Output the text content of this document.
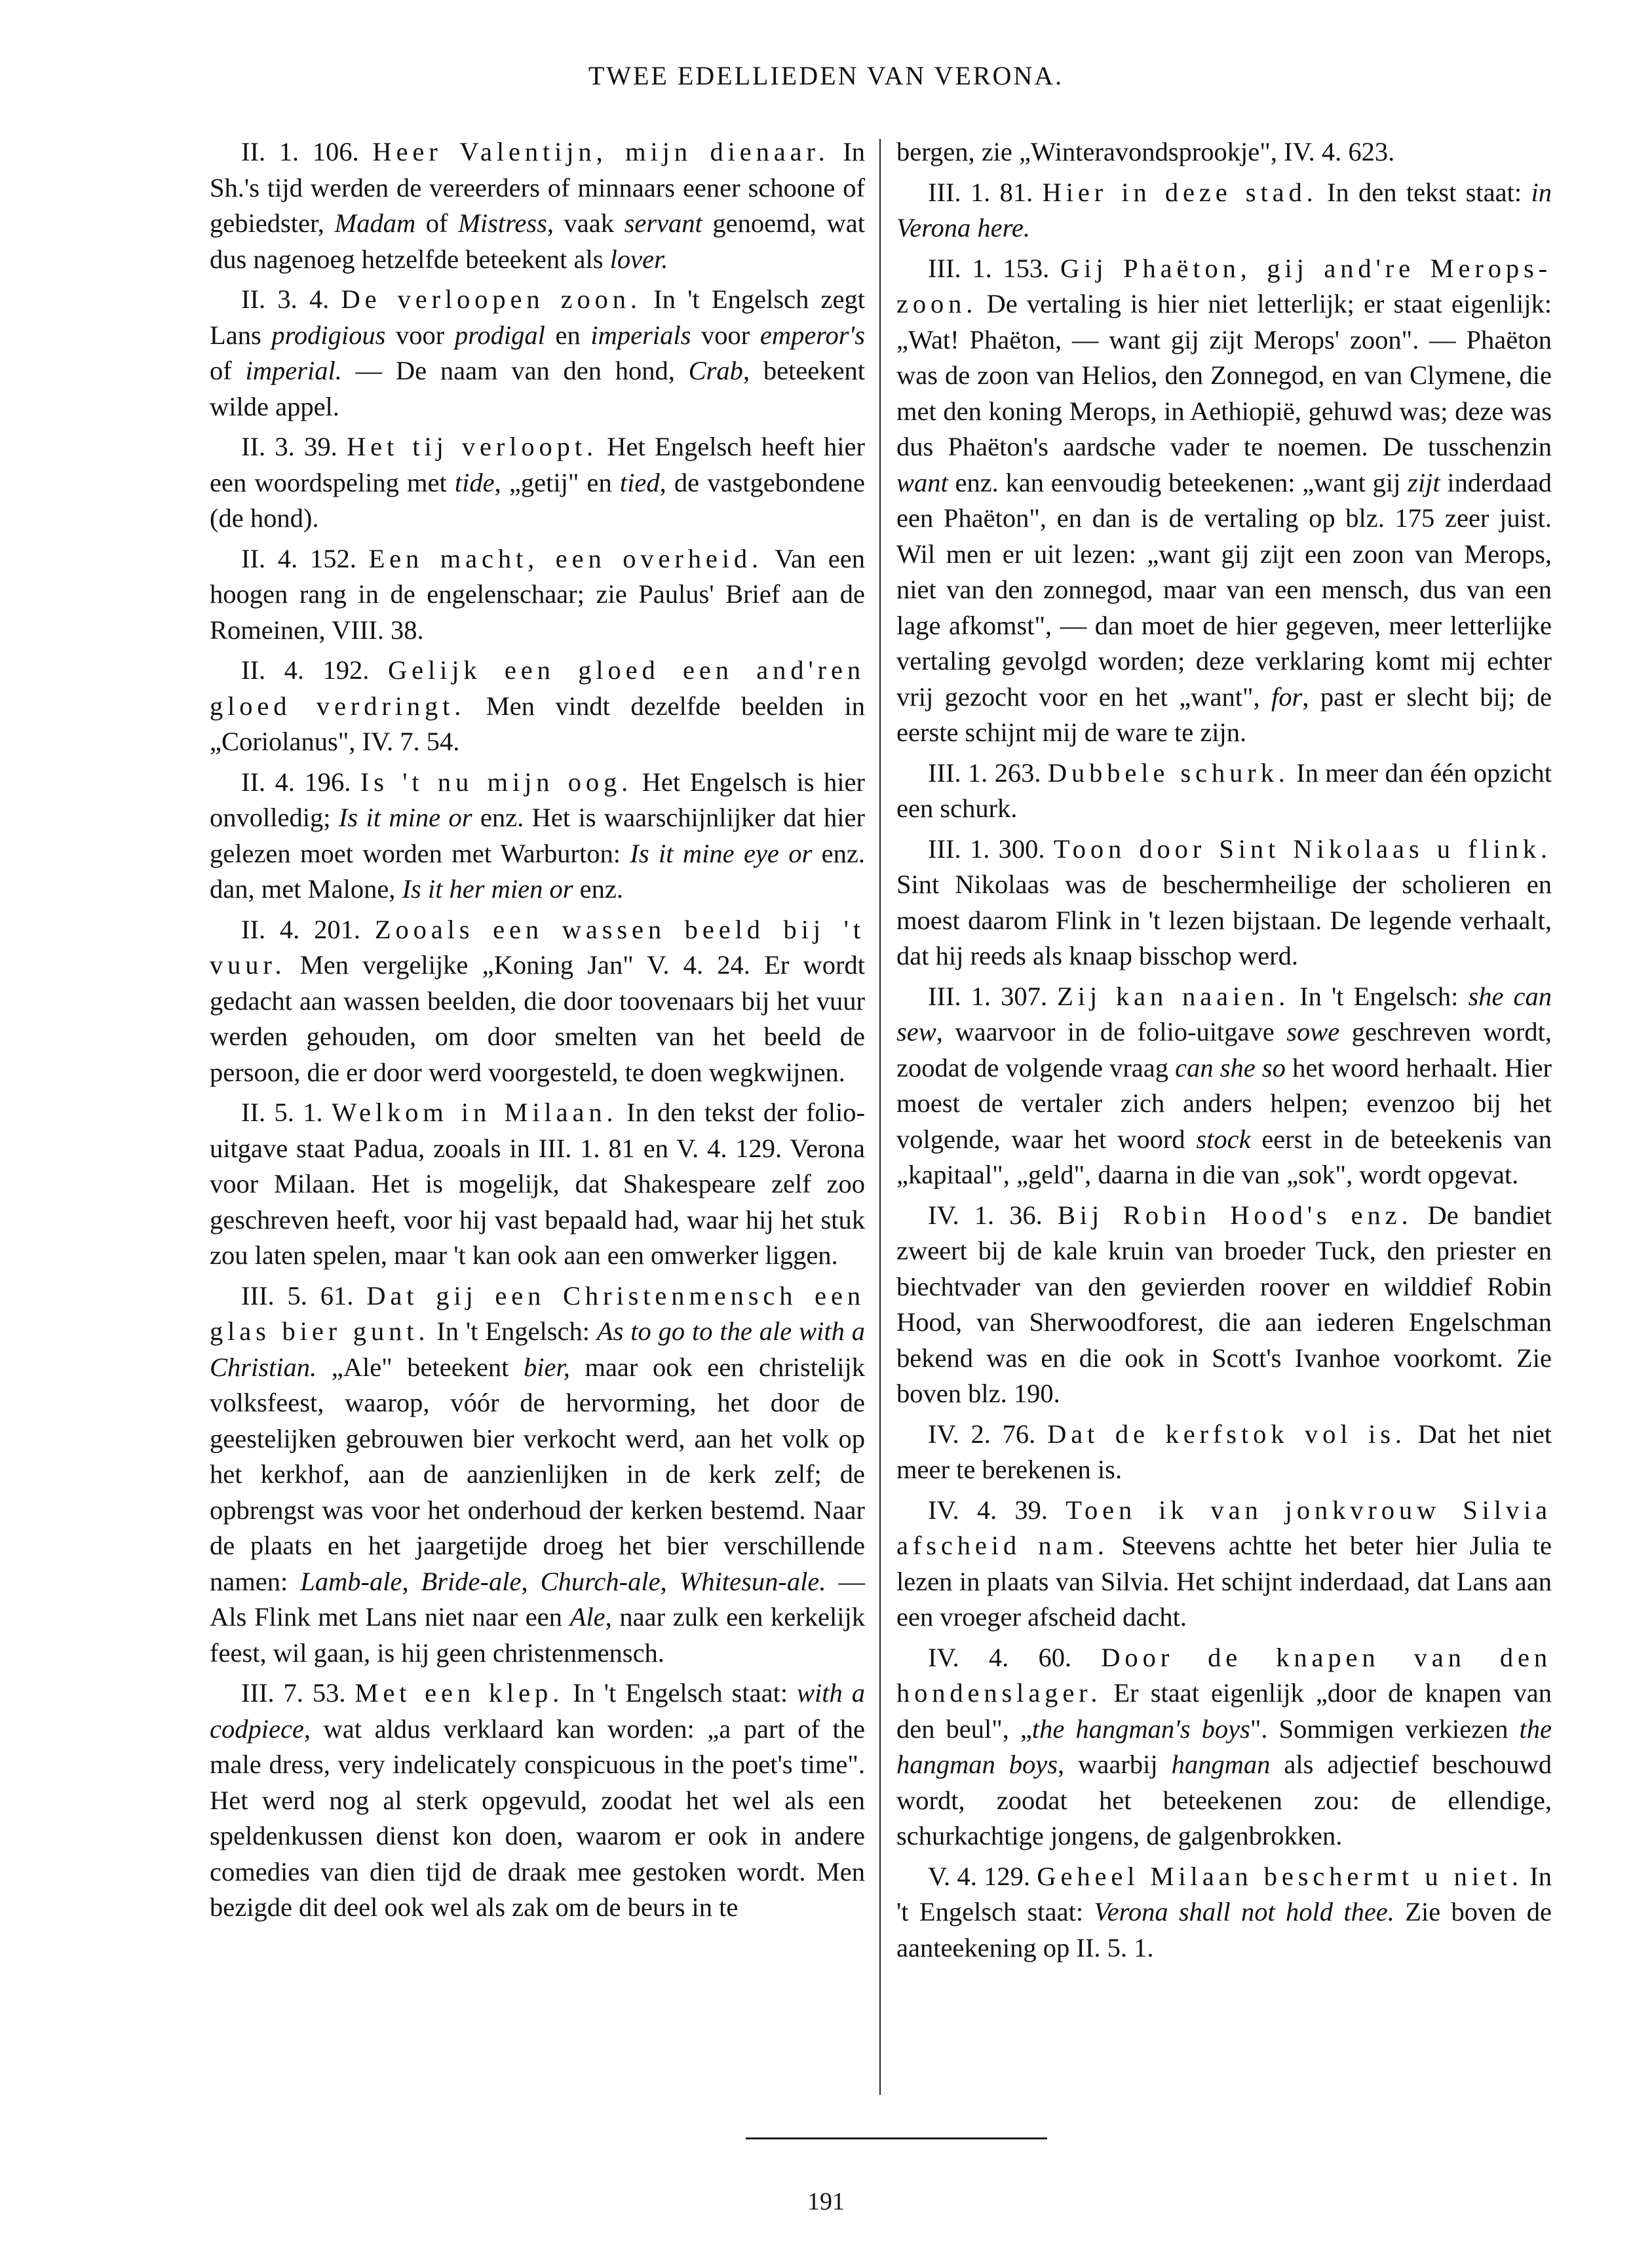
TWEE EDELLIEDEN VAN VERONA.

II. 1. 106. Heer Valentijn, mijn dienaar. In Sh.'s tijd werden de vereerders of minnaars eener schoone of gebiedster, Madam of Mistress, vaak servant genoemd, wat dus nagenoeg hetzelfde beteekent als lover.

II. 3. 4. De verloopen zoon. In 't Engelsch zegt Lans prodigious voor prodigal en imperials voor emperor's of imperial. — De naam van den hond, Crab, beteekent wilde appel.

II. 3. 39. Het tij verloopt. Het Engelsch heeft hier een woordspeling met tide, „getij" en tied, de vastgebondene (de hond).

II. 4. 152. Een macht, een overheid. Van een hoogen rang in de engelenschaar; zie Paulus' Brief aan de Romeinen, VIII. 38.

II. 4. 192. Gelijk een gloed een and'ren gloed verdringt. Men vindt dezelfde beelden in „Coriolanus", IV. 7. 54.

II. 4. 196. Is 't nu mijn oog. Het Engelsch is hier onvolledig; Is it mine or enz. Het is waarschijnlijker dat hier gelezen moet worden met Warburton: Is it mine eye or enz. dan, met Malone, Is it her mien or enz.

II. 4. 201. Zooals een wassen beeld bij 't vuur. Men vergelijke „Koning Jan" V. 4. 24. Er wordt gedacht aan wassen beelden, die door toovenaars bij het vuur werden gehouden, om door smelten van het beeld de persoon, die er door werd voorgesteld, te doen wegkwijnen.

II. 5. 1. Welkom in Milaan. In den tekst der folio-uitgave staat Padua, zooals in III. 1. 81 en V. 4. 129. Verona voor Milaan. Het is mogelijk, dat Shakespeare zelf zoo geschreven heeft, voor hij vast bepaald had, waar hij het stuk zou laten spelen, maar 't kan ook aan een omwerker liggen.

III. 5. 61. Dat gij een Christenmensch een glas bier gunt. In 't Engelsch: As to go to the ale with a Christian. „Ale" beteekent bier, maar ook een christelijk volksfeest, waarop, vóór de hervorming, het door de geestelijken gebrouwen bier verkocht werd, aan het volk op het kerkhof, aan de aanzienlijken in de kerk zelf; de opbrengst was voor het onderhoud der kerken bestemd. Naar de plaats en het jaargetijde droeg het bier verschillende namen: Lamb-ale, Bride-ale, Church-ale, Whitesun-ale. — Als Flink met Lans niet naar een Ale, naar zulk een kerkelijk feest, wil gaan, is hij geen christenmensch.

III. 7. 53. Met een klep. In 't Engelsch staat: with a codpiece, wat aldus verklaard kan worden: „a part of the male dress, very indelicately conspicuous in the poet's time". Het werd nog al sterk opgevuld, zoodat het wel als een speldenkussen dienst kon doen, waarom er ook in andere comedies van dien tijd de draak mee gestoken wordt. Men bezigde dit deel ook wel als zak om de beurs in te

bergen, zie „Winteravondsprookje", IV. 4. 623.

III. 1. 81. Hier in deze stad. In den tekst staat: in Verona here.

III. 1. 153. Gij Phaëton, gij and're Merops-zoon. De vertaling is hier niet letterlijk; er staat eigenlijk: „Wat! Phaëton, — want gij zijt Merops' zoon". — Phaëton was de zoon van Helios, den Zonnegod, en van Clymene, die met den koning Merops, in Aethiopië, gehuwd was; deze was dus Phaëton's aardsche vader te noemen. De tusschenzin want enz. kan eenvoudig beteekenen: „want gij zijt inderdaad een Phaëton", en dan is de vertaling op blz. 175 zeer juist. Wil men er uit lezen: „want gij zijt een zoon van Merops, niet van den zonnegod, maar van een mensch, dus van een lage afkomst", — dan moet de hier gegeven, meer letterlijke vertaling gevolgd worden; deze verklaring komt mij echter vrij gezocht voor en het „want", for, past er slecht bij; de eerste schijnt mij de ware te zijn.

III. 1. 263. Dubbele schurk. In meer dan één opzicht een schurk.

III. 1. 300. Toon door Sint Nikolaas u flink. Sint Nikolaas was de beschermheilige der scholieren en moest daarom Flink in 't lezen bijstaan. De legende verhaalt, dat hij reeds als knaap bisschop werd.

III. 1. 307. Zij kan naaien. In 't Engelsch: she can sew, waarvoor in de folio-uitgave sowe geschreven wordt, zoodat de volgende vraag can she so het woord herhaalt. Hier moest de vertaler zich anders helpen; evenzoo bij het volgende, waar het woord stock eerst in de beteekenis van „kapitaal", „geld", daarna in die van „sok", wordt opgevat.

IV. 1. 36. Bij Robin Hood's enz. De bandiet zweert bij de kale kruin van broeder Tuck, den priester en biechtvader van den gevierden roover en wilddief Robin Hood, van Sherwoodforest, die aan iederen Engelschman bekend was en die ook in Scott's Ivanhoe voorkomt. Zie boven blz. 190.

IV. 2. 76. Dat de kerfstok vol is. Dat het niet meer te berekenen is.

IV. 4. 39. Toen ik van jonkvrouw Silvia afscheid nam. Steevens achtte het beter hier Julia te lezen in plaats van Silvia. Het schijnt inderdaad, dat Lans aan een vroeger afscheid dacht.

IV. 4. 60. Door de knapen van den hondenslager. Er staat eigenlijk „door de knapen van den beul", „the hangman's boys". Sommigen verkiezen the hangman boys, waarbij hangman als adjectief beschouwd wordt, zoodat het beteekenen zou: de ellendige, schurkachtige jongens, de galgenbrokken.

V. 4. 129. Geheel Milaan beschermt u niet. In 't Engelsch staat: Verona shall not hold thee. Zie boven de aanteekening op II. 5. 1.

191
